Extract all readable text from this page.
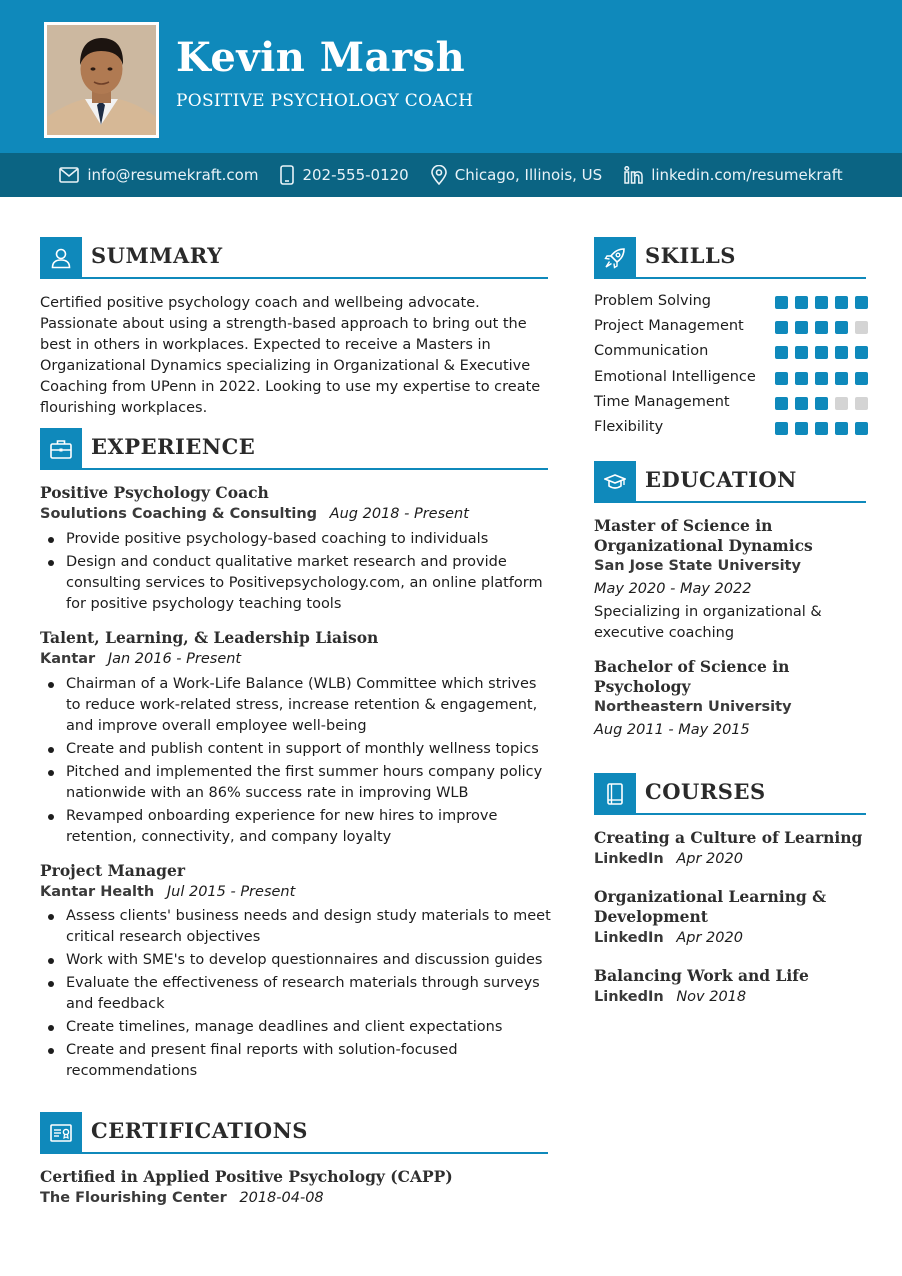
Kevin Marsh
POSITIVE PSYCHOLOGY COACH
info@resumekraft.com	202-555-0120	Chicago, Illinois, US	linkedin.com/resumekraft
SUMMARY
Certified positive psychology coach and wellbeing advocate. Passionate about using a strength-based approach to bring out the best in others in workplaces. Expected to receive a Masters in Organizational Dynamics specializing in Organizational & Executive Coaching from UPenn in 2022. Looking to use my expertise to create flourishing workplaces.
EXPERIENCE
Positive Psychology Coach
Soulutions Coaching & Consulting Aug 2018 - Present
Provide positive psychology-based coaching to individuals
Design and conduct qualitative market research and provide consulting services to Positivepsychology.com, an online platform for positive psychology teaching tools
Talent, Learning, & Leadership Liaison
Kantar Jan 2016 - Present
Chairman of a Work-Life Balance (WLB) Committee which strives to reduce work-related stress, increase retention & engagement, and improve overall employee well-being
Create and publish content in support of monthly wellness topics
Pitched and implemented the first summer hours company policy nationwide with an 86% success rate in improving WLB
Revamped onboarding experience for new hires to improve retention, connectivity, and company loyalty
Project Manager
Kantar Health Jul 2015 - Present
Assess clients' business needs and design study materials to meet critical research objectives
Work with SME's to develop questionnaires and discussion guides
Evaluate the effectiveness of research materials through surveys and feedback
Create timelines, manage deadlines and client expectations
Create and present final reports with solution-focused recommendations
CERTIFICATIONS
Certified in Applied Positive Psychology (CAPP)
The Flourishing Center 2018-04-08
SKILLS
Problem Solving
Project Management
Communication
Emotional Intelligence
Time Management
Flexibility
EDUCATION
Master of Science in
Organizational Dynamics
San Jose State University
May 2020 - May 2022
Specializing in organizational &
executive coaching
Bachelor of Science in
Psychology
Northeastern University
Aug 2011 - May 2015
COURSES
Creating a Culture of Learning
LinkedIn Apr 2020
Organizational Learning &
Development
LinkedIn Apr 2020
Balancing Work and Life
LinkedIn Nov 2018
